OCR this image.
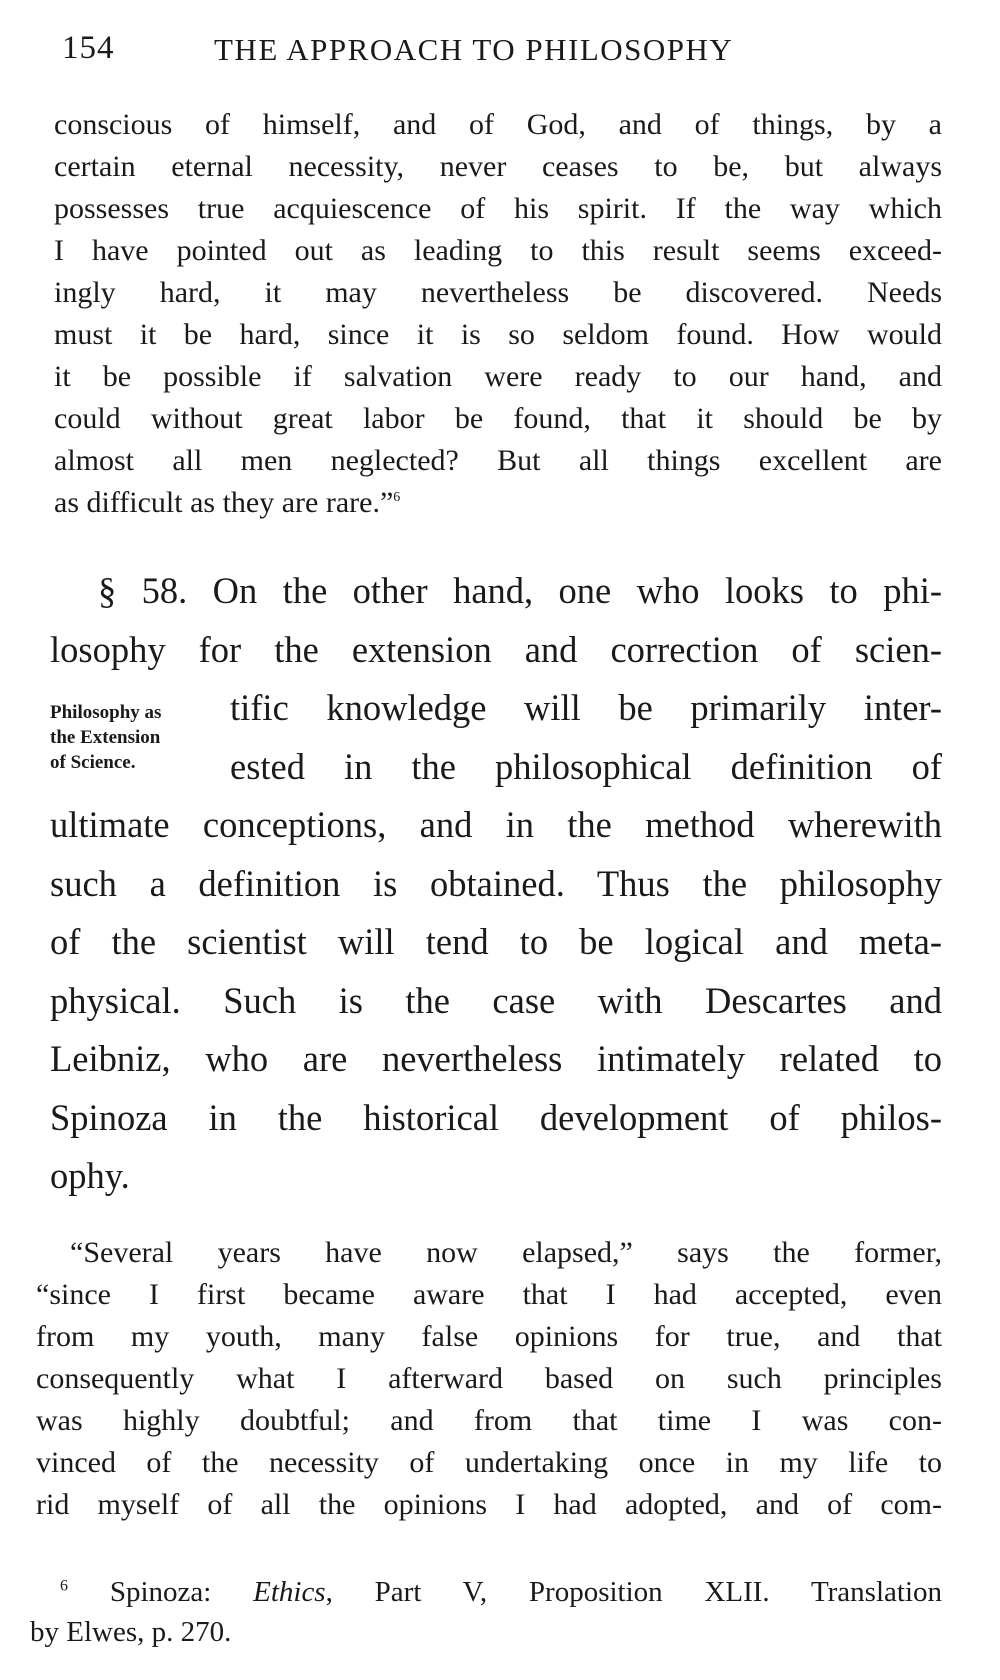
154	THE APPROACH TO PHILOSOPHY
conscious of himself, and of God, and of things, by a
certain eternal necessity, never ceases to be, but always
possesses true acquiescence of his spirit. If the way which
I have pointed out as leading to this result seems exceed-
ingly hard, it may nevertheless be discovered. Needs
must it be hard, since it is so seldom found. How would
it be possible if salvation were ready to our hand, and
could without great labor be found, that it should be by
almost all men neglected? But all things excellent are
as difficult as they are rare.”$^6$
§ 58. On the other hand, one who looks to phi-
losophy for the extension and correction of scien-
tific knowledge will be primarily inter-
ested in the philosophical definition of
ultimate conceptions, and in the method wherewith
such a definition is obtained. Thus the philosophy
of the scientist will tend to be logical and meta-
physical. Such is the case with Descartes and
Leibniz, who are nevertheless intimately related to
Spinoza in the historical development of philos-
ophy.
Philosophy as
the Extension
of Science.
“Several years have now elapsed,” says the former,
“since I first became aware that I had accepted, even
from my youth, many false opinions for true, and that
consequently what I afterward based on such principles
was highly doubtful; and from that time I was con-
vinced of the necessity of undertaking once in my life to
rid myself of all the opinions I had adopted, and of com-
$^6$ Spinoza: Ethics, Part V, Proposition XLII. Translation
by Elwes, p. 270.
